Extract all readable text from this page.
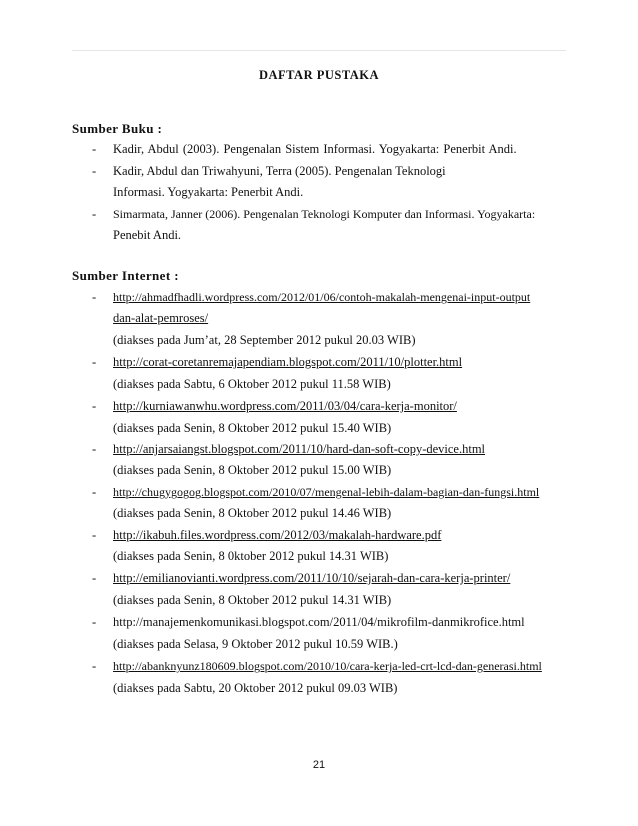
DAFTAR PUSTAKA
Sumber Buku :
- Kadir, Abdul (2003). Pengenalan Sistem Informasi. Yogyakarta: Penerbit Andi.
- Kadir, Abdul dan Triwahyuni, Terra (2005). Pengenalan Teknologi
Informasi. Yogyakarta: Penerbit Andi.
- Simarmata, Janner (2006). Pengenalan Teknologi Komputer dan Informasi. Yogyakarta:
Penebit Andi.
Sumber Internet :
- http://ahmadfhadli.wordpress.com/2012/01/06/contoh-makalah-mengenai-input-output
dan-alat-pemroses/
(diakses pada Jum’at, 28 September 2012 pukul 20.03 WIB)
- http://corat-coretanremajapendiam.blogspot.com/2011/10/plotter.html
(diakses pada Sabtu, 6 Oktober 2012 pukul 11.58 WIB)
- http://kurniawanwhu.wordpress.com/2011/03/04/cara-kerja-monitor/
(diakses pada Senin, 8 Oktober 2012 pukul 15.40 WIB)
- http://anjarsaiangst.blogspot.com/2011/10/hard-dan-soft-copy-device.html
(diakses pada Senin, 8 Oktober 2012 pukul 15.00 WIB)
- http://chugygogog.blogspot.com/2010/07/mengenal-lebih-dalam-bagian-dan-fungsi.html
(diakses pada Senin, 8 Oktober 2012 pukul 14.46 WIB)
- http://ikabuh.files.wordpress.com/2012/03/makalah-hardware.pdf
(diakses pada Senin, 8 0ktober 2012 pukul 14.31 WIB)
- http://emilianovianti.wordpress.com/2011/10/10/sejarah-dan-cara-kerja-printer/
(diakses pada Senin, 8 Oktober 2012 pukul 14.31 WIB)
- http://manajemenkomunikasi.blogspot.com/2011/04/mikrofilm-danmikrofice.html
(diakses pada Selasa, 9 Oktober 2012 pukul 10.59 WIB.)
- http://abanknyunz180609.blogspot.com/2010/10/cara-kerja-led-crt-lcd-dan-generasi.html
(diakses pada Sabtu, 20 Oktober 2012 pukul 09.03 WIB)
21
